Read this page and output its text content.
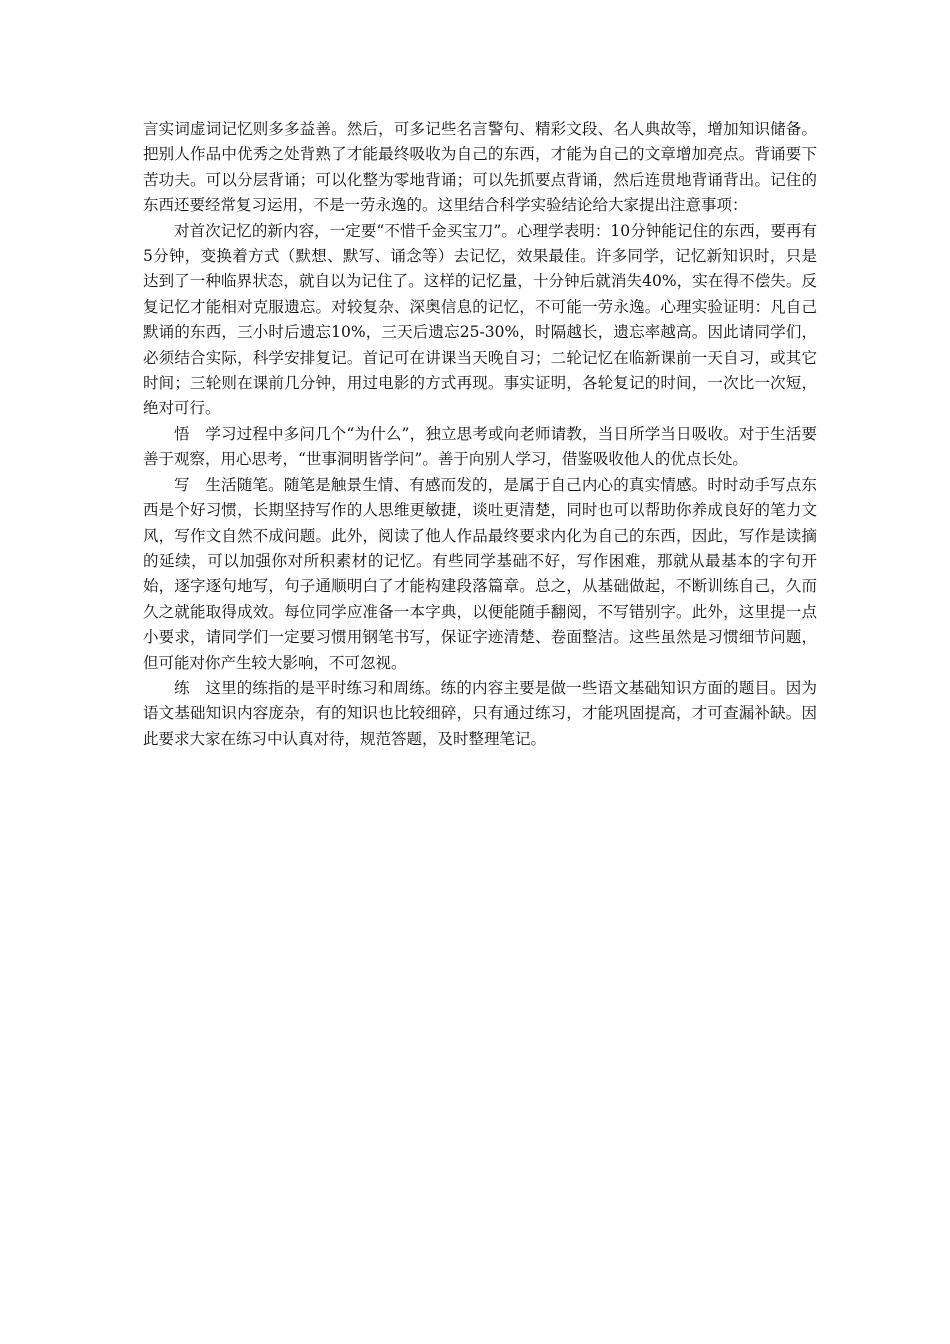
言实词虚词记忆则多多益善。然后，可多记些名言警句、精彩文段、名人典故等，增加知识储备。把别人作品中优秀之处背熟了才能最终吸收为自己的东西，才能为自己的文章增加亮点。背诵要下苦功夫。可以分层背诵；可以化整为零地背诵；可以先抓要点背诵，然后连贯地背诵背出。记住的东西还要经常复习运用，不是一劳永逸的。这里结合科学实验结论给大家提出注意事项：

对首次记忆的新内容，一定要“不惜千金买宝刀”。心理学表明：10分钟能记住的东西，要再有5分钟，变换着方式（默想、默写、诵念等）去记忆，效果最佳。许多同学，记忆新知识时，只是达到了一种临界状态，就自以为记住了。这样的记忆量，十分钟后就消失40%，实在得不偿失。反复记忆才能相对克服遗忘。对较复杂、深奥信息的记忆，不可能一劳永逸。心理实验证明：凡自己默诵的东西，三小时后遗忘10%，三天后遗忘25-30%，时隔越长，遗忘率越高。因此请同学们，必须结合实际，科学安排复记。首记可在讲课当天晚自习；二轮记忆在临新课前一天自习，或其它时间；三轮则在课前几分钟，用过电影的方式再现。事实证明，各轮复记的时间，一次比一次短，绝对可行。

悟  学习过程中多问几个“为什么”，独立思考或向老师请教，当日所学当日吸收。对于生活要善于观察，用心思考，“世事洞明皆学问”。善于向别人学习，借鉴吸收他人的优点长处。

写  生活随笔。随笔是触景生情、有感而发的，是属于自己内心的真实情感。时时动手写点东西是个好习惯，长期坚持写作的人思维更敏捷，谈吐更清楚，同时也可以帮助你养成良好的笔力文风，写作文自然不成问题。此外，阅读了他人作品最终要求内化为自己的东西，因此，写作是读摘的延续，可以加强你对所积素材的记忆。有些同学基础不好，写作困难，那就从最基本的字句开始，逐字逐句地写，句子通顺明白了才能构建段落篇章。总之，从基础做起，不断训练自己，久而久之就能取得成效。每位同学应准备一本字典，以便能随手翻阅，不写错别字。此外，这里提一点小要求，请同学们一定要习惯用钢笔书写，保证字迹清楚、卷面整洁。这些虽然是习惯细节问题，但可能对你产生较大影响，不可忽视。

练  这里的练指的是平时练习和周练。练的内容主要是做一些语文基础知识方面的题目。因为语文基础知识内容庞杂，有的知识也比较细碎，只有通过练习，才能巩固提高，才可查漏补缺。因此要求大家在练习中认真对待，规范答题，及时整理笔记。
